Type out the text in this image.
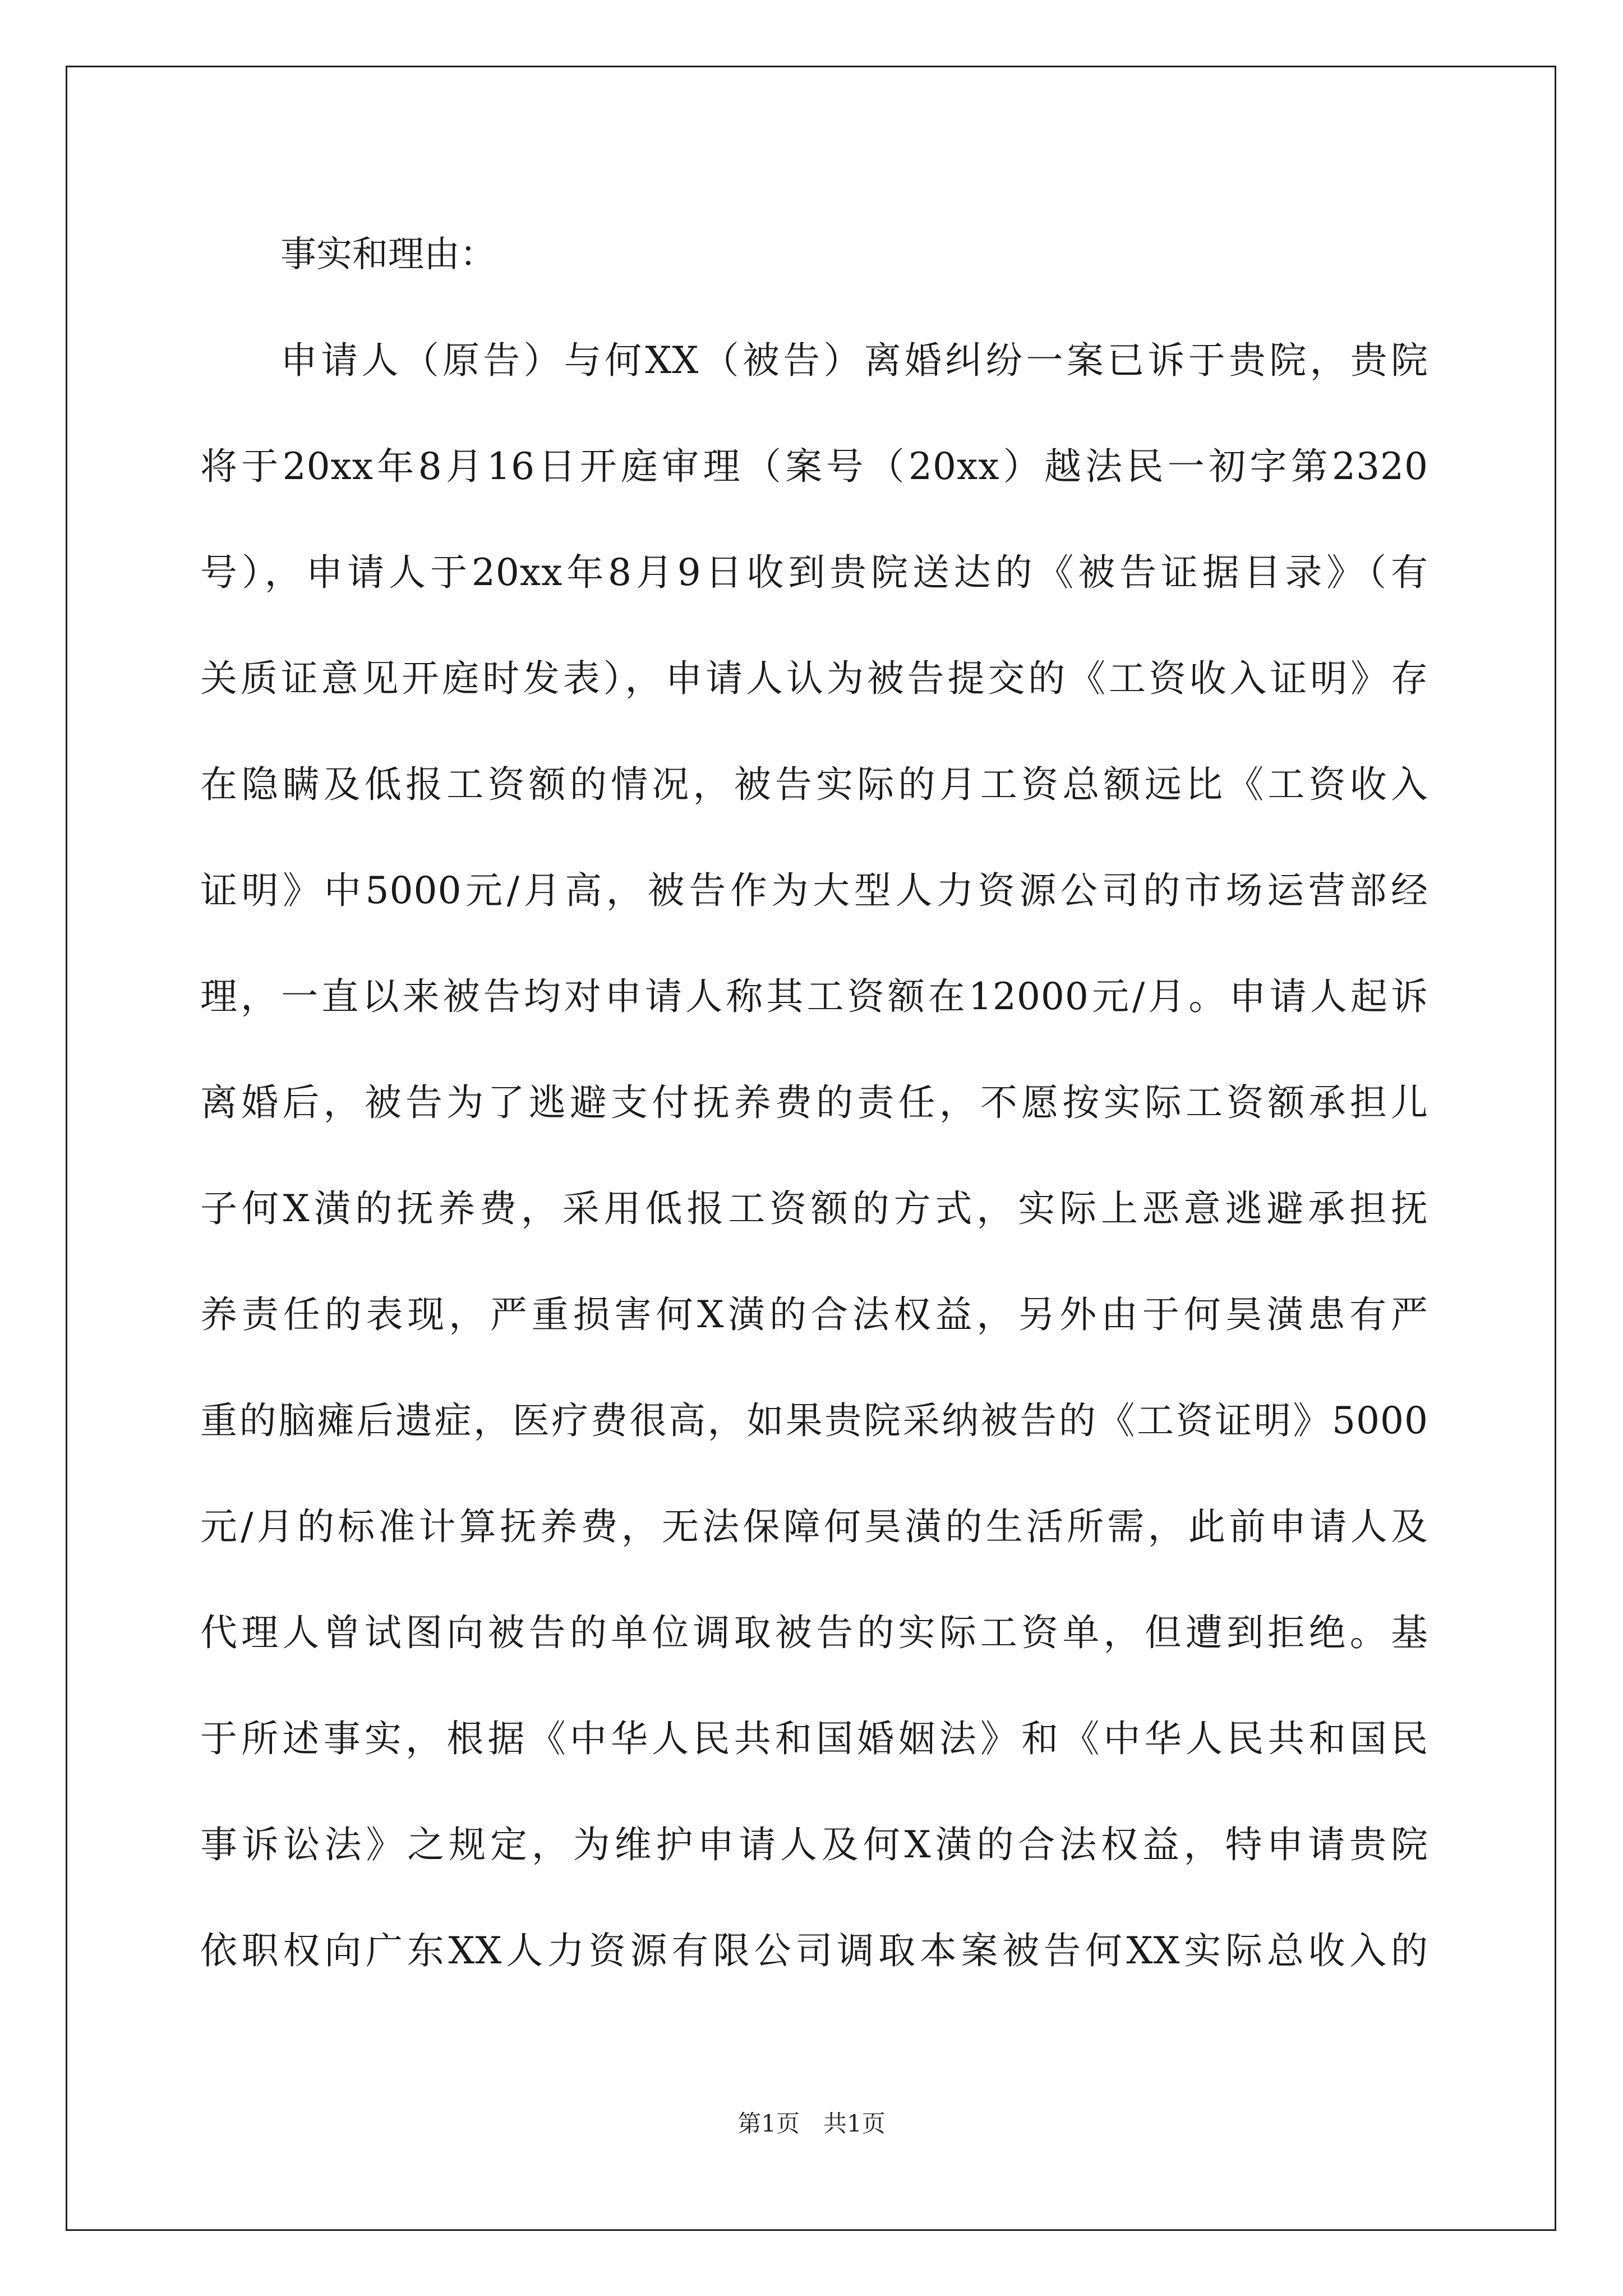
事实和理由：
申请人（原告）与何XX（被告）离婚纠纷一案已诉于贵院，贵院
将于20xx年8月16日开庭审理（案号（20xx）越法民一初字第2320
号），申请人于20xx年8月9日收到贵院送达的《被告证据目录》（有
关质证意见开庭时发表），申请人认为被告提交的《工资收入证明》存
在隐瞒及低报工资额的情况，被告实际的月工资总额远比《工资收入
证明》中5000元/月高，被告作为大型人力资源公司的市场运营部经
理，一直以来被告均对申请人称其工资额在12000元/月。申请人起诉
离婚后，被告为了逃避支付抚养费的责任，不愿按实际工资额承担儿
子何X潢的抚养费，采用低报工资额的方式，实际上恶意逃避承担抚
养责任的表现，严重损害何X潢的合法权益，另外由于何昊潢患有严
重的脑瘫后遗症，医疗费很高，如果贵院采纳被告的《工资证明》5000
元/月的标准计算抚养费，无法保障何昊潢的生活所需，此前申请人及
代理人曾试图向被告的单位调取被告的实际工资单，但遭到拒绝。基
于所述事实，根据《中华人民共和国婚姻法》和《中华人民共和国民
事诉讼法》之规定，为维护申请人及何X潢的合法权益，特申请贵院
依职权向广东XX人力资源有限公司调取本案被告何XX实际总收入的
第1页　共1页
